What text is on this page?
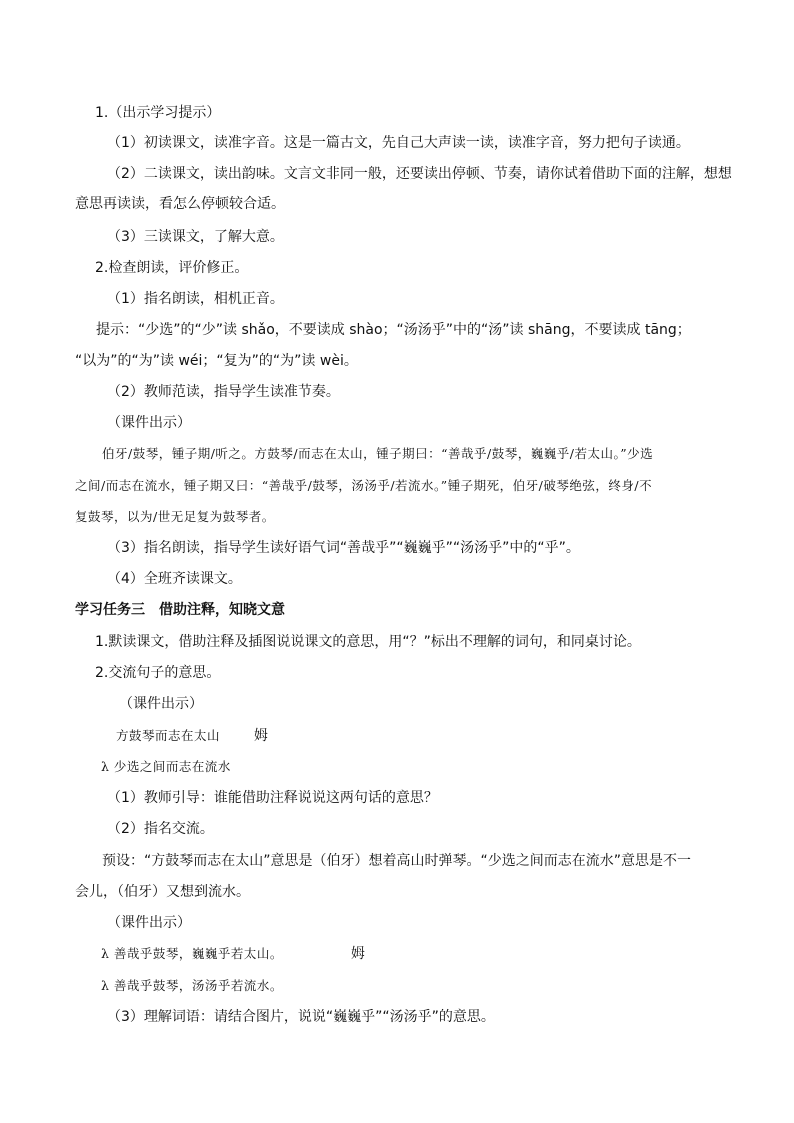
1.（出示学习提示）
（1）初读课文，读准字音。这是一篇古文，先自己大声读一读，读准字音，努力把句子读通。
（2）二读课文，读出韵味。文言文非同一般，还要读出停顿、节奏，请你试着借助下面的注解，想想
意思再读读，看怎么停顿较合适。
（3）三读课文，了解大意。
2.检查朗读，评价修正。
（1）指名朗读，相机正音。
提示：“少选”的“少”读 shǎo，不要读成 shào；“汤汤乎”中的“汤”读 shāng，不要读成 tāng；
“以为”的“为”读 wéi；“复为”的“为”读 wèi。
（2）教师范读，指导学生读准节奏。
（课件出示）
伯牙/鼓琴，锺子期/听之。方鼓琴/而志在太山，锺子期曰：“善哉乎/鼓琴，巍巍乎/若太山。”少选
之间/而志在流水，锺子期又曰：“善哉乎/鼓琴，汤汤乎/若流水。”锺子期死，伯牙/破琴绝弦，终身/不
复鼓琴，以为/世无足复为鼓琴者。
（3）指名朗读，指导学生读好语气词“善哉乎”“巍巍乎”“汤汤乎”中的“乎”。
（4）全班齐读课文。
学习任务三　借助注释，知晓文意
1.默读课文，借助注释及插图说说课文的意思，用“？”标出不理解的词句，和同桌讨论。
2.交流句子的意思。
（课件出示）
方鼓琴而志在太山 姆
λ 少选之间而志在流水
（1）教师引导：谁能借助注释说说这两句话的意思？
（2）指名交流。
预设：“方鼓琴而志在太山”意思是（伯牙）想着高山时弹琴。“少选之间而志在流水”意思是不一
会儿，（伯牙）又想到流水。
（课件出示）
λ 善哉乎鼓琴，巍巍乎若太山。	姆
λ 善哉乎鼓琴，汤汤乎若流水。
（3）理解词语：请结合图片，说说“巍巍乎”“汤汤乎”的意思。
